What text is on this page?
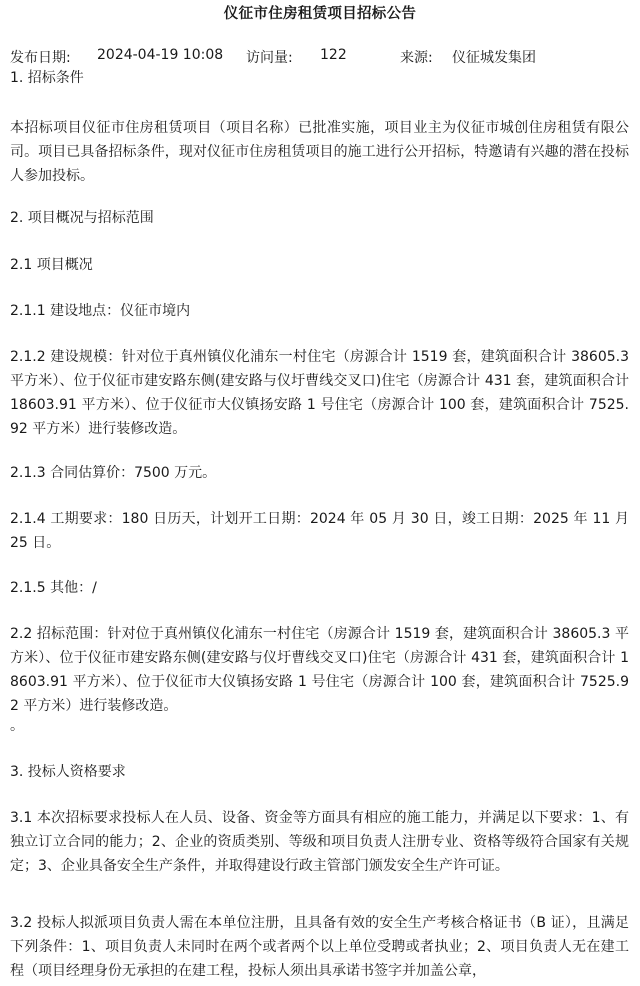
仪征市住房租赁项目招标公告
发布日期: 2024-04-19 10:08 访问量: 122	来源: 仪征城发集团
1. 招标条件
本招标项目仪征市住房租赁项目（项目名称）已批准实施，项目业主为仪征市城创住房租赁有限公司。项目已具备招标条件，现对仪征市住房租赁项目的施工进行公开招标，特邀请有兴趣的潜在投标人参加投标。
2. 项目概况与招标范围
2.1 项目概况
2.1.1 建设地点：仪征市境内
2.1.2 建设规模：针对位于真州镇仪化浦东一村住宅（房源合计 1519 套，建筑面积合计 38605.3 平方米）、位于仪征市建安路东侧(建安路与仪圩曹线交叉口)住宅（房源合计 431 套，建筑面积合计 18603.91 平方米）、位于仪征市大仪镇扬安路 1 号住宅（房源合计 100 套，建筑面积合计 7525.92 平方米）进行装修改造。
2.1.3 合同估算价：7500 万元。
2.1.4 工期要求：180 日历天，计划开工日期：2024 年 05 月 30 日，竣工日期：2025 年 11 月 25 日。
2.1.5 其他：/
2.2 招标范围：针对位于真州镇仪化浦东一村住宅（房源合计 1519 套，建筑面积合计 38605.3 平方米）、位于仪征市建安路东侧(建安路与仪圩曹线交叉口)住宅（房源合计 431 套，建筑面积合计 18603.91 平方米）、位于仪征市大仪镇扬安路 1 号住宅（房源合计 100 套，建筑面积合计 7525.92 平方米）进行装修改造。
。
3. 投标人资格要求
3.1 本次招标要求投标人在人员、设备、资金等方面具有相应的施工能力，并满足以下要求：1、有独立订立合同的能力；2、企业的资质类别、等级和项目负责人注册专业、资格等级符合国家有关规定；3、企业具备安全生产条件，并取得建设行政主管部门颁发安全生产许可证。
3.2 投标人拟派项目负责人需在本单位注册，且具备有效的安全生产考核合格证书（B 证），且满足下列条件：1、项目负责人未同时在两个或者两个以上单位受聘或者执业；2、项目负责人无在建工程（项目经理身份无承担的在建工程，投标人须出具承诺书签字并加盖公章，
